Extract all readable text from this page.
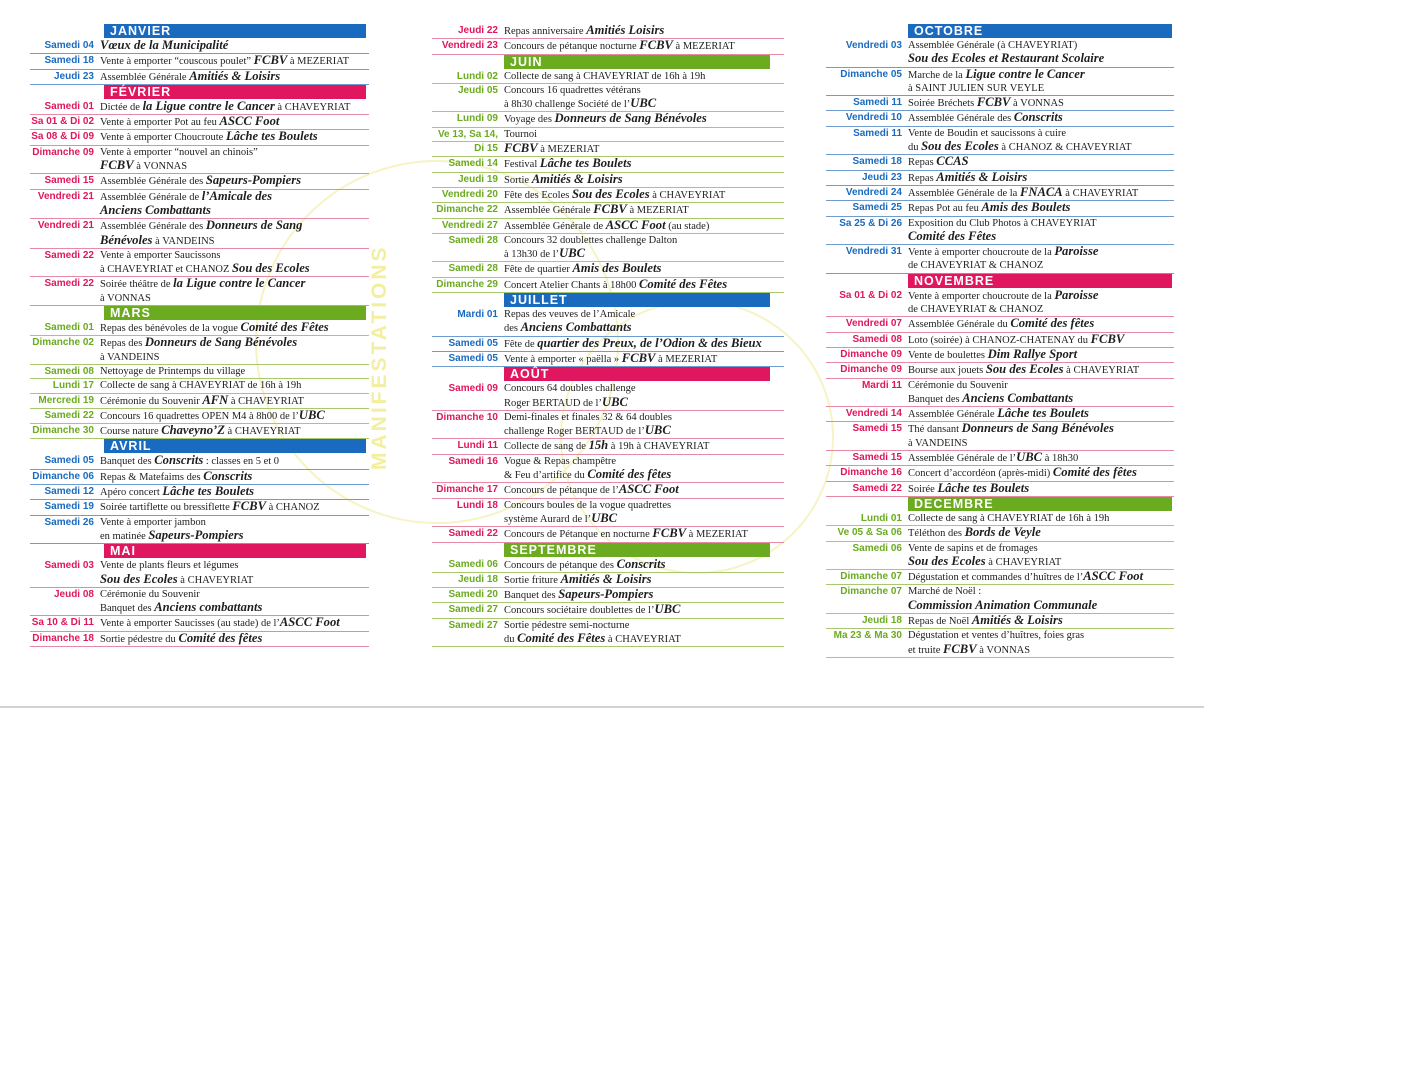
MANIFESTATIONS
JANVIER
Samedi 04 Vœux de la Municipalité
Samedi 18 Vente à emporter “couscous poulet” FCBV à MEZERIAT
Jeudi 23 Assemblée Générale Amitiés & Loisirs
FÉVRIER
Samedi 01 Dictée de la Ligue contre le Cancer à CHAVEYRIAT
Sa 01 & Di 02 Vente à emporter Pot au feu ASCC Foot
Sa 08 & Di 09 Vente à emporter Choucroute Lâche tes Boulets
Dimanche 09 Vente à emporter “nouvel an chinois”
FCBV à VONNAS
Samedi 15 Assemblée Générale des Sapeurs-Pompiers
Vendredi 21 Assemblée Générale de l’Amicale des
Anciens Combattants
Vendredi 21 Assemblée Générale des Donneurs de Sang
Bénévoles à VANDEINS
Samedi 22 Vente à emporter Saucissons
à CHAVEYRIAT et CHANOZ Sou des Ecoles
Samedi 22 Soirée théâtre de la Ligue contre le Cancer
à VONNAS
MARS
Samedi 01 Repas des bénévoles de la vogue Comité des Fêtes
Dimanche 02 Repas des Donneurs de Sang Bénévoles
à VANDEINS
Samedi 08 Nettoyage de Printemps du village
Lundi 17 Collecte de sang à CHAVEYRIAT de 16h à 19h
Mercredi 19 Cérémonie du Souvenir AFN à CHAVEYRIAT
Samedi 22 Concours 16 quadrettes OPEN M4 à 8h00 de l’UBC
Dimanche 30 Course nature Chaveyno’Z à CHAVEYRIAT
AVRIL
Samedi 05 Banquet des Conscrits : classes en 5 et 0
Dimanche 06 Repas & Matefaims des Conscrits
Samedi 12 Apéro concert Lâche tes Boulets
Samedi 19 Soirée tartiflette ou bressiflette FCBV à CHANOZ
Samedi 26 Vente à emporter jambon
en matinée Sapeurs-Pompiers
MAI
Samedi 03 Vente de plants fleurs et légumes
Sou des Ecoles à CHAVEYRIAT
Jeudi 08 Cérémonie du Souvenir
Banquet des Anciens combattants
Sa 10 & Di 11 Vente à emporter Saucisses (au stade) de l’ASCC Foot
Dimanche 18 Sortie pédestre du Comité des fêtes
Jeudi 22 Repas anniversaire Amitiés Loisirs
Vendredi 23 Concours de pétanque nocturne FCBV à MEZERIAT
JUIN
Lundi 02 Collecte de sang à CHAVEYRIAT de 16h à 19h
Jeudi 05 Concours 16 quadrettes vétérans
à 8h30 challenge Société de l’UBC
Lundi 09 Voyage des Donneurs de Sang Bénévoles
Ve 13, Sa 14, Tournoi
Di 15 FCBV à MEZERIAT
Samedi 14 Festival Lâche tes Boulets
Jeudi 19 Sortie Amitiés & Loisirs
Vendredi 20 Fête des Ecoles Sou des Ecoles à CHAVEYRIAT
Dimanche 22 Assemblée Générale FCBV à MEZERIAT
Vendredi 27 Assemblée Générale de ASCC Foot (au stade)
Samedi 28 Concours 32 doublettes challenge Dalton
à 13h30 de l’UBC
Samedi 28 Fête de quartier Amis des Boulets
Dimanche 29 Concert Atelier Chants à 18h00 Comité des Fêtes
JUILLET
Mardi 01 Repas des veuves de l’Amicale
des Anciens Combattants
Samedi 05 Fête de quartier des Preux, de l’Odion & des Bieux
Samedi 05 Vente à emporter « paëlla » FCBV à MEZERIAT
AOÛT
Samedi 09 Concours 64 doubles challenge
Roger BERTAUD de l’UBC
Dimanche 10 Demi-finales et finales 32 & 64 doubles
challenge Roger BERTAUD de l’UBC
Lundi 11 Collecte de sang de 15h à 19h à CHAVEYRIAT
Samedi 16 Vogue & Repas champêtre
& Feu d’artifice du Comité des fêtes
Dimanche 17 Concours de pétanque de l’ASCC Foot
Lundi 18 Concours boules de la vogue quadrettes
système Aurard de l’UBC
Samedi 22 Concours de Pétanque en nocturne FCBV à MEZERIAT
SEPTEMBRE
Samedi 06 Concours de pétanque des Conscrits
Jeudi 18 Sortie friture Amitiés & Loisirs
Samedi 20 Banquet des Sapeurs-Pompiers
Samedi 27 Concours sociétaire doublettes de l’UBC
Samedi 27 Sortie pédestre semi-nocturne
du Comité des Fêtes à CHAVEYRIAT
OCTOBRE
Vendredi 03 Assemblée Générale (à CHAVEYRIAT)
Sou des Ecoles et Restaurant Scolaire
Dimanche 05 Marche de la Ligue contre le Cancer
à SAINT JULIEN SUR VEYLE
Samedi 11 Soirée Bréchets FCBV à VONNAS
Vendredi 10 Assemblée Générale des Conscrits
Samedi 11 Vente de Boudin et saucissons à cuire
du Sou des Ecoles à CHANOZ & CHAVEYRIAT
Samedi 18 Repas CCAS
Jeudi 23 Repas Amitiés & Loisirs
Vendredi 24 Assemblée Générale de la FNACA à CHAVEYRIAT
Samedi 25 Repas Pot au feu Amis des Boulets
Sa 25 & Di 26 Exposition du Club Photos à CHAVEYRIAT
Comité des Fêtes
Vendredi 31 Vente à emporter choucroute de la Paroisse
de CHAVEYRIAT & CHANOZ
NOVEMBRE
Sa 01 & Di 02 Vente à emporter choucroute de la Paroisse
de CHAVEYRIAT & CHANOZ
Vendredi 07 Assemblée Générale du Comité des fêtes
Samedi 08 Loto (soirée) à CHANOZ-CHATENAY du FCBV
Dimanche 09 Vente de boulettes Dim Rallye Sport
Dimanche 09 Bourse aux jouets Sou des Ecoles à CHAVEYRIAT
Mardi 11 Cérémonie du Souvenir
Banquet des Anciens Combattants
Vendredi 14 Assemblée Générale Lâche tes Boulets
Samedi 15 Thé dansant Donneurs de Sang Bénévoles
à VANDEINS
Samedi 15 Assemblée Générale de l’UBC à 18h30
Dimanche 16 Concert d’accordéon (après-midi) Comité des fêtes
Samedi 22 Soirée Lâche tes Boulets
DECEMBRE
Lundi 01 Collecte de sang à CHAVEYRIAT de 16h à 19h
Ve 05 & Sa 06 Téléthon des Bords de Veyle
Samedi 06 Vente de sapins et de fromages
Sou des Ecoles à CHAVEYRIAT
Dimanche 07 Dégustation et commandes d’huîtres de l’ASCC Foot
Dimanche 07 Marché de Noël :
Commission Animation Communale
Jeudi 18 Repas de Noël Amitiés & Loisirs
Ma 23 & Ma 30 Dégustation et ventes d’huîtres, foies gras
et truite FCBV à VONNAS
